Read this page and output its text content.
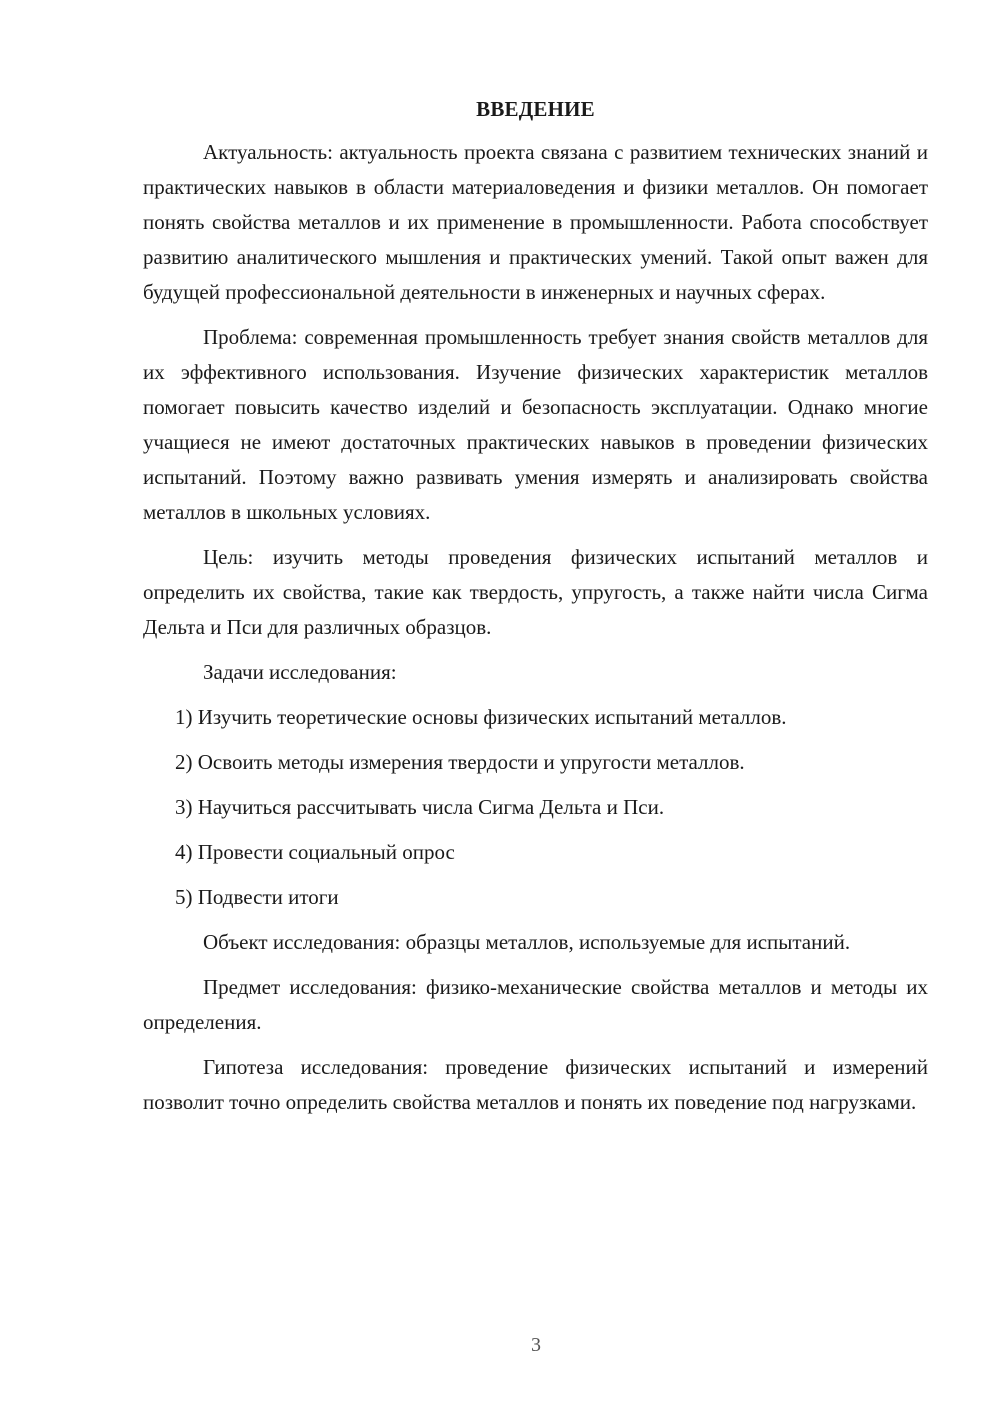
ВВЕДЕНИЕ

Актуальность: актуальность проекта связана с развитием технических знаний и практических навыков в области материаловедения и физики металлов. Он помогает понять свойства металлов и их применение в промышленности. Работа способствует развитию аналитического мышления и практических умений. Такой опыт важен для будущей профессиональной деятельности в инженерных и научных сферах.

Проблема: современная промышленность требует знания свойств металлов для их эффективного использования. Изучение физических характеристик металлов помогает повысить качество изделий и безопасность эксплуатации. Однако многие учащиеся не имеют достаточных практических навыков в проведении физических испытаний. Поэтому важно развивать умения измерять и анализировать свойства металлов в школьных условиях.

Цель: изучить методы проведения физических испытаний металлов и определить их свойства, такие как твердость, упругость, а также найти числа Сигма Дельта и Пси для различных образцов.

Задачи исследования:

1) Изучить теоретические основы физических испытаний металлов.
2) Освоить методы измерения твердости и упругости металлов.
3) Научиться рассчитывать числа Сигма Дельта и Пси.
4) Провести социальный опрос
5) Подвести итоги

Объект исследования: образцы металлов, используемые для испытаний.

Предмет исследования: физико-механические свойства металлов и методы их определения.

Гипотеза исследования: проведение физических испытаний и измерений позволит точно определить свойства металлов и понять их поведение под нагрузками.

3
